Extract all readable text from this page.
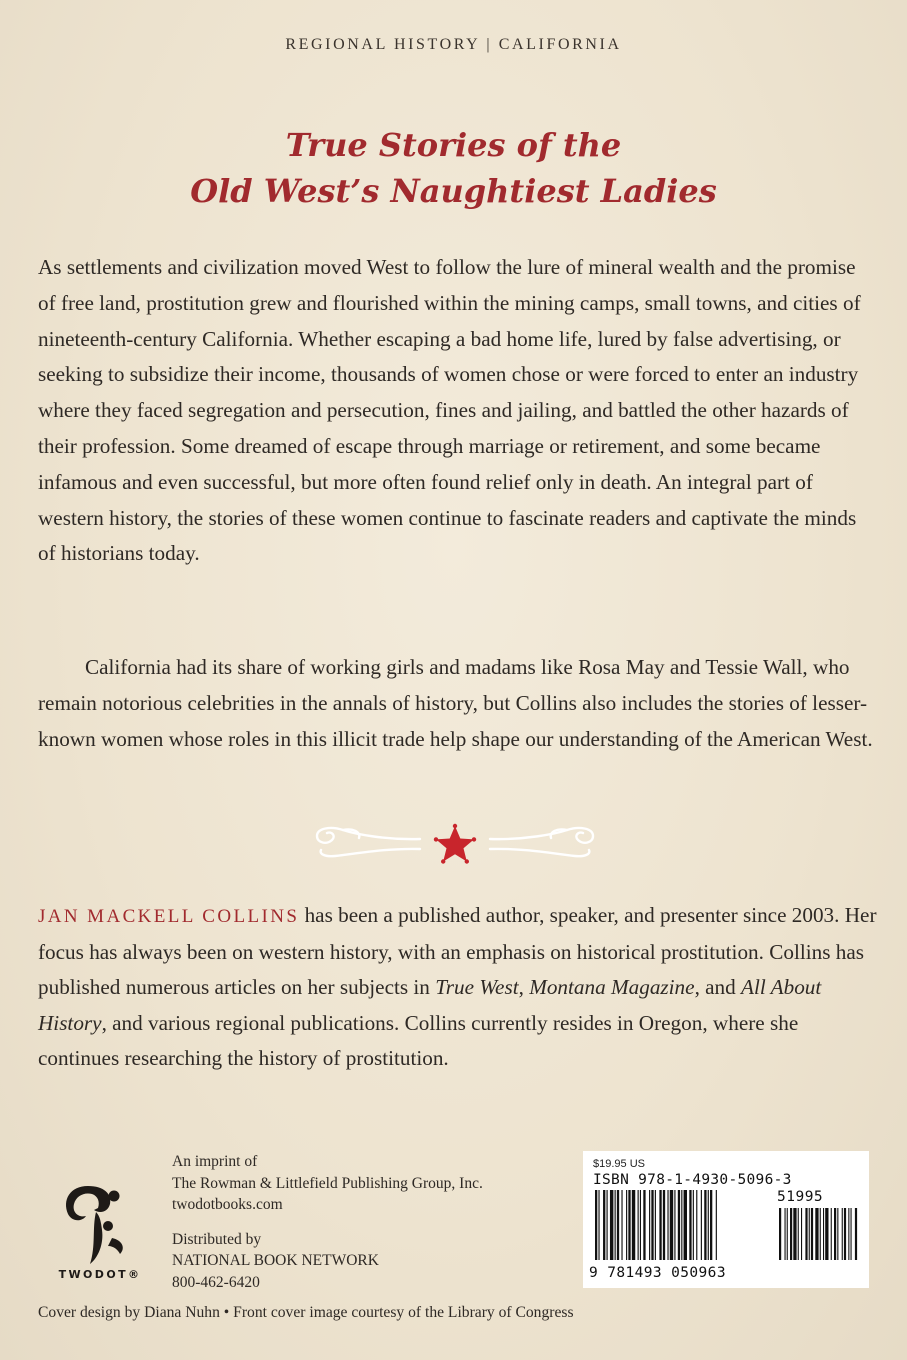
REGIONAL HISTORY | CALIFORNIA
True Stories of the
Old West’s Naughtiest Ladies

As settlements and civilization moved West to follow the lure of mineral wealth and the promise of free land, prostitution grew and flourished within the mining camps, small towns, and cities of nineteenth-century California. Whether escaping a bad home life, lured by false advertising, or seeking to subsidize their income, thousands of women chose or were forced to enter an industry where they faced segregation and persecution, fines and jailing, and battled the other hazards of their profession. Some dreamed of escape through marriage or retirement, and some became infamous and even successful, but more often found relief only in death. An integral part of western history, the stories of these women continue to fascinate readers and captivate the minds of historians today.

California had its share of working girls and madams like Rosa May and Tessie Wall, who remain notorious celebrities in the annals of history, but Collins also includes the stories of lesser-known women whose roles in this illicit trade help shape our understanding of the American West.

JAN MACKELL COLLINS has been a published author, speaker, and presenter since 2003. Her focus has always been on western history, with an emphasis on historical prostitution. Collins has published numerous articles on her subjects in True West, Montana Magazine, and All About History, and various regional publications. Collins currently resides in Oregon, where she continues researching the history of prostitution.
TWODOT®
An imprint of
The Rowman & Littlefield Publishing Group, Inc.
twodotbooks.com
Distributed by
NATIONAL BOOK NETWORK
800-462-6420
$19.95 US
ISBN 978-1-4930-5096-3
51995
9 781493 050963
Cover design by Diana Nuhn • Front cover image courtesy of the Library of Congress
